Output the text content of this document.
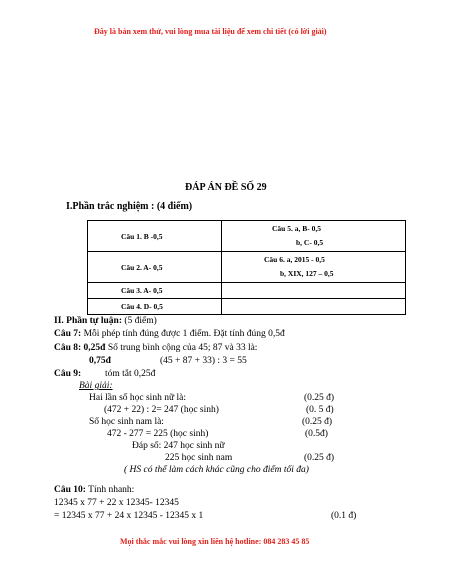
Đây là bản xem thử, vui lòng mua tài liệu để xem chi tiết (có lời giải)
ĐÁP ÁN ĐỀ SỐ 29
I.Phần trắc nghiệm : (4 điểm)
Câu 1. B -0,5	Câu 5. a, B- 0,5
b, C- 0,5

Câu 2. A- 0,5	Câu 6. a, 2015 - 0,5
b, XIX, 127 – 0,5

Câu 3. A- 0,5	
Câu 4. D- 0,5	
II. Phần tự luận: (5 điểm)
Câu 7: Mỗi phép tính đúng được 1 điểm. Đặt tính đúng 0,5đ
Câu 8: 0,25đ Số trung bình cộng của 45; 87 và 33 là:
0,75đ	(45 + 87 + 33) : 3 = 55
Câu 9:	tóm tắt 0,25đ
Bài giải:
Hai lần số học sinh nữ là:	(0.25 đ)
(472 + 22) : 2= 247 (học sinh)	(0. 5 đ)
Số học sinh nam là:	(0.25 đ)
472 - 277 = 225 (học sinh)	(0.5đ)
Đáp số: 247 học sinh nữ
225 học sinh nam	(0.25 đ)
( HS có thể làm cách khác cũng cho điểm tối đa)
Câu 10: Tính nhanh:
12345 x 77 + 22 x 12345- 12345
= 12345 x 77 + 24 x 12345 - 12345 x 1	(0.1 đ)
Mọi thắc mắc vui lòng xin liên hệ hotline: 084 283 45 85
